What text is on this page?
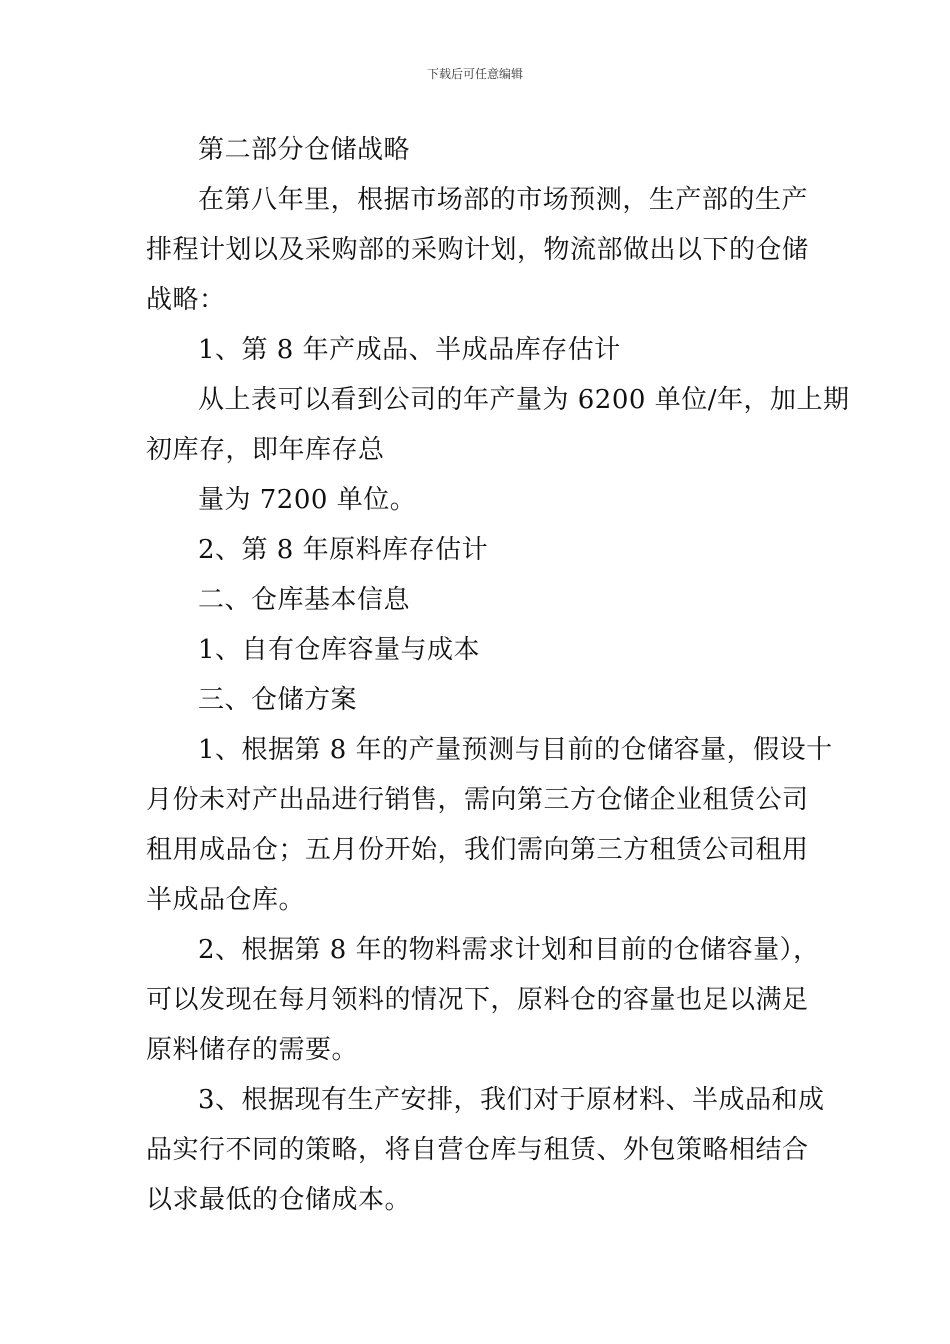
下载后可任意编辑
第二部分仓储战略
在第八年里，根据市场部的市场预测，生产部的生产
排程计划以及采购部的采购计划，物流部做出以下的仓储
战略：
1、第 8 年产成品、半成品库存估计
从上表可以看到公司的年产量为 6200 单位/年，加上期
初库存，即年库存总
量为 7200 单位。
2、第 8 年原料库存估计
二、仓库基本信息
1、自有仓库容量与成本
三、仓储方案
1、根据第 8 年的产量预测与目前的仓储容量，假设十
月份未对产出品进行销售，需向第三方仓储企业租赁公司
租用成品仓；五月份开始，我们需向第三方租赁公司租用
半成品仓库。
2、根据第 8 年的物料需求计划和目前的仓储容量），
可以发现在每月领料的情况下，原料仓的容量也足以满足
原料储存的需要。
3、根据现有生产安排，我们对于原材料、半成品和成
品实行不同的策略，将自营仓库与租赁、外包策略相结合
以求最低的仓储成本。
